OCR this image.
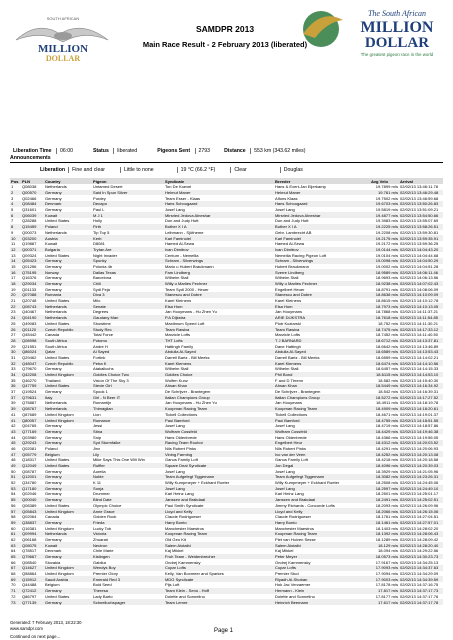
SOUTH AFRICAN
MILLION
DOLLAR
The South African
MILLION
DOLLAR
The greatest pigeon race in the world
SAMDPR 2013
Main Race Result - 2 February 2013 (liberated)
Liberation Time 06:00	Status liberated	Pigeons Sent 2793	Distance 553 km (343.62 miles)
Announcements
Liberation	Fine and clear	Little to none	19 °C (66.2 °F)	Clear	Douglas
Pos	PLN	Country	Pigeon	Syndicate	Breeder	Avg Velo	Arrival
1	Q08038	Netherlands	Untamed Desert	Ton De Koevel	Hans & Evert-Jan Eijerkamp	19.7899 m/s	02/02/13 13:46:11.78
2	Q00570	Germany	Said In Spun Silver	Helmut Maner	Helmut Maner	19.761 m/s	02/02/13 13:46:29.48
3	Q02466	Germany	Purdey	Team Esser - Klaas	Alfons Klaas	19.7502 m/s	02/02/13 13:46:59.68
4	Q08484	Denmark	Decapo	Hans Schougaard	Hans Schougaard	19.6703 m/s	02/02/13 13:50:26.83
5	Q31601	Germany	Paul L	Josef Lang	Josef Lang	19.5819 m/s	02/02/13 13:51:09.21
6	Q06039	Kuwait	M J 1	Mirsried Jedova Alneshar	Mirsried Jedova Alneshar	19.4877 m/s	02/02/13 13:54:50.66
7	Q28288	United States	Holly	Don and Judy Hutt	Don and Judy Hutt	19.3983 m/s	02/02/13 13:55:07.69
8	Q15459	Poland	Firth	Buther X I A	Buther X I A	19.2225 m/s	02/02/13 13:58:26.51
9	Q00073	Netherlands	Tip Top 5	Leibmann - Sjötheme	Gebr. Lambrecht AB	19.2208 m/s	02/02/13 13:59:30.81
10	Q03200	Austria	Kerb	Karl Faminoiel	Karl Faminoiel	19.2175 m/s	02/02/13 13:59:35.91
11	Q19887	Kuwait	D8081	Hamed Al-Sewa	Hamed Al-Sewa	19.2172 m/s	02/02/13 13:59:36.25
12	Q00371	Bulgaria	Trytan Are	Ivan Dimitrov	Ivan Dimitrov	19.0144 m/s	02/02/13 14:04:43.20
13	Q09324	United States	Night Invader	Centum - Nemellia	Nemellia Racing Pigeon Loft	19.0104 m/s	02/02/13 14:04:44.68
14	Q05423	Germany	Spunky	Schram - Silverwings	Schram - Silverwings	19.0098 m/s	02/02/13 14:04:50.29
15	Q01256	Germany	Polonia 4b	Mario u Hubert Braukmann	Hubert Braukmann	19.0002 m/s	02/02/13 14:04:51.28
16	Q75195	Norway	Dallas Texas	Fam Lindberg	Sverre Lindberg	18.9589 m/s	02/02/13 14:06:11.46
17	Q16376	Germany	Barcelona	Wilhelm Stall	Wilhelm Stall	18.9693 m/s	02/02/13 14:06:13.56
18	Q29034	Germany	Chili	Willy u Marlies Fechner	Willy u Marlies Fechner	18.9238 m/s	02/02/13 14:07:02.43
19	Q01133	Germany	Sydl Feja	Team Sydl 2000 - Heuer	Engelbert Heuer	18.8791 m/s	02/02/13 14:08:06.09
20	Q07088	Romania	Diva 3	Stanescu and Dobre	Stanescu and Dobre	18.8638 m/s	02/02/13 14:10:09.09
21	Q20748	United States	Milo	Karel Kleinens	Karel Kleinens	18.8615 m/s	02/02/13 14:10:12.78
22	Q08743	Netherlands	Senate	Elsa Hom	Elsa Hom	18.7973 m/s	02/02/13 14:10:13.05
23	Q40467	Netherlands	Degrees	Jan Hooymans - Hu Zhen Yu	Jan Hooymans	18.7868 m/s	02/02/13 14:11:37.21
24	Q04190	Netherlands	Gaudany Man	P.A Dijkstra	ARIE DIJKSTRA	18.7618 m/s	02/02/13 14:11:54.85
25	Q49083	United States	Showtime	Maxtimum Speed Loft	Piotr Koziarski	18.752 m/s	02/02/13 14:11:30.21
26	Q01120	Czech Republic	Study Rec	Team Rawiva	Team Rawiva	18.7475 m/s	02/02/13 14:17:33.12
27	Q45442	Canada	Total Force	Marzicle Lofts	Marzicle Lofts	18.7452 m/s	02/02/13 14:11:40.50
28	Q08998	South Africa	Potomo	THT Lofts	T J BARNARD	18.6712 m/s	02/02/13 14:13:37.81
29	Q21551	South Africa	Andre H	Hattingh Family	Dane Hattingh	18.6642 m/s	02/02/13 14:13:46.89
30	Q86024	Qatar	Al Sayed	Abdulla Al-Sayed	Abdulla Al-Sayed	18.6589 m/s	02/02/13 14:13:53.43
31	Q29462	United States	Fortink	Darrell Bartz - Bill Meeks	Darrell Bartz - Bill Meeks	18.6559 m/s	02/02/13 14:14:02.21
32	Q48047	Czech Republic	Petra K	Karel Klemens	Karel Klemens	18.6474 m/s	02/02/13 14:14:10.56
33	Q79670	Germany	Atakalluchs	Wilhelm Stall	Wilhelm Stall	18.6457 m/s	02/02/13 14:14:15.33
34	Q42208	United Kingdom	Goldies Choice Two	Goldies Choice	Phil Bond	18.6115 m/s	02/02/13 14:14:53.10
35	Q46270	Thailand	Vision Of The Sky 3	Wolfen Kunz	F and D Tirrenn	18.582 m/s	02/02/13 14:15:40.30
36	Q47759	United States	Stevie Girl	Ahsan Khan	Ahsan Khan	18.5449 m/s	02/02/13 14:16:34.92
37	Q19524	Germany	Spook 1	De Schrijver - Brantegem	De Schrijver - Brantegem	18.542 m/s	02/02/13 14:16:39.31
37	Q79631	Italy	Girl - N Beer IT	Italian Champions Group	Italian Champions Group	18.5272 m/s	02/02/13 14:17:27.52
39	Q75887	Netherlands	Romantijn	Jan Hooymans - Hu Zhen Yu	Jan Hooymans	18.4911 m/s	02/02/13 14:18:19.78
39	Q08767	Netherlands	Thimaglian	Koopman Racing Team	Koopman Racing Team	18.4909 m/s	02/02/13 14:18:20.61
41	Q87689	United Kingdom	Lion	Tickell Collections	Tickell Collections	18.4671 m/s	02/02/13 14:19:01.37
41	Q80057	United Kingdom	Romance	Paul Bamford	Paul Bamford	18.4755 m/s	02/02/13 14:18:51.55
42	Q04765	Germany	Jessi	Josef Lang	Josef Lang	18.4719 m/s	02/02/13 14:18:57.86
43	Q77169	Germany	Stina	Wolfram Cossfeld	Wolfram Cossfeld	18.4429 m/s	02/02/13 14:19:46.38
44	Q03980	Germany	Snip	Hans Oldenbrede	Hans Oldenbrede	18.4366 m/s	02/02/13 14:19:56.05
45	Q29243	Germany	Syd Sturmfalke	Racing Team Rouhor	Engelbert Heur	18.4312 m/s	02/02/13 14:20:03.52
46	Q02081	Poland	Jinx	Nils Robert Pinks	Nils Robert Pinks	18.4291 m/s	02/02/13 14:20:06.93
47	Q05779	Belgium	Lily	Vining Farming	Ivo van der Veen	18.4252 m/s	02/02/13 14:20:13.08
48	Q18317	United States	Mike Says This One Will Win	Ganus Family Loft	Ganus Family Loft	18.4218 m/s	02/02/13 14:20:18.58
49	Q12049	United States	Ruffler	Square Deal Syndicate	Jon Degal	18.4096 m/s	02/02/13 14:20:39.03
50	Q08787	Germany	Aurelia	Josef Lang	Josef Lang	18.3929 m/s	02/02/13 14:21:05.96
51	Q12001	Germany	Noble	Team Aufgefegt Tiggemann	Team Aufgefegt Tiggemann	18.3082 m/s	02/02/13 14:23:26.31
52	Q34780	Germany	K 11	Willy Kumpmeyer + Eckhard Rueter	Willy Kumpmeyer + Eckhard Rueter	18.2508 m/s	02/02/13 14:24:45.06
53	Q17180	Germany	Sonja	Josef Lang	Josef Lang	18.2597 m/s	02/02/13 14:24:49.10
54	Q02046	Germany	Drummer	Karl Heinz Lang	Karl Heinz Lang	18.2501 m/s	02/02/13 14:25:01.17
55	Q00040	Germany	Blind Date	Janssen and Brakdaal	Janssen and Brakdaal	18.2491 m/s	02/02/13 14:25:02.51
56	Q08389	United States	Olympic Choice	Paul Smith Syndicate	Jimmy Richards - Concorde Lofts	18.2093 m/s	02/02/13 14:26:09.96
57	Q05843	United Kingdom	Anne Grace	Lloyd and Kelly	Lloyd and Kelly	18.2066 m/s	02/02/13 14:26:15.06
58	Q02064	Canada	Golden Rock	Claude Rodrigueser	Claude Rodrigueser	18.1761 m/s	02/02/13 14:27:04.51
59	Q38837	Germany	Frieda	Harry Bonto	Harry Bonto	18.1461 m/s	02/02/13 14:27:57.01
60	Q16381	United Kingdom	Lucky Tob	Manchester Maestros	Manchester Maestros	18.1403 m/s	02/02/13 14:28:02.20
61	Q09994	Netherlands	Victoria	Koopman Racing Team	Koopman Racing Team	18.1392 m/s	02/02/13 14:28:06.43
62	Q06168	Germany	Zhoarari	Old Geo Kit	Piet van Huiven Sesse	18.1289 m/s	02/02/13 14:28:09.42
63	Q08075	Kuwait	Neutron	Salem Alotaibi	Salem Alotaibi	18.129 m/s	02/02/13 14:28:20.40
64	Q78517	Denmark	Chile Marie	Kaj Mikkel	Kaj Mikkel	18.094 m/s	02/02/13 14:29:22.56
65	Q79667	Germany	Kistingen	Fruh Team - Weidenbrecher	Peter Meyer	18.0573 m/s	02/02/13 14:30:23.73
66	Q08540	Slovakia	Gabika	Ondrej Kammensky	Ondrej Kammensky	17.9167 m/s	02/02/13 14:34:25.13
67	Q14627	United Kingdom	Wendys Boy	Cupar Lofts	Cupar Lofts	17.9093 m/s	02/02/13 14:34:37.63
68	Q58864	United Kingdom	Premier Glory	Kelly, Van Boxmeer and Sparkes	Premier Stud	17.9094 m/s	02/02/13 14:34:29.09
69	Q15912	Saudi Arabia	Emerald Red 3	MDG Syndicate	Riyadh Al-Shoban	17.9003 m/s	02/02/13 14:34:39.59
70	Q44488	Belgium	Bold Seed	Pijs Loft	Hok Jac Verzaemer	17.8178 m/s	02/02/13 14:37:16.75
71	Q72412	Germany	Theresa	Team Klein - Seno - Hoff	Hermann - Klein	17.817 m/s	02/02/13 14:37:17.73
72	Q86797	United States	Lady Barto	Dolette and Sonnelino	Dolette and Sonnelino	17.8177 m/s	02/02/13 14:37:17.76
73	Q77139	Germany	Schnelluchspager	Team Lemre	Heinrich Beemann	17.617 m/s	02/02/13 14:37:17.78
Generated: 7 February 2013, 18:22:30
www.samdpr.com	Page 1
Continued on next page...
